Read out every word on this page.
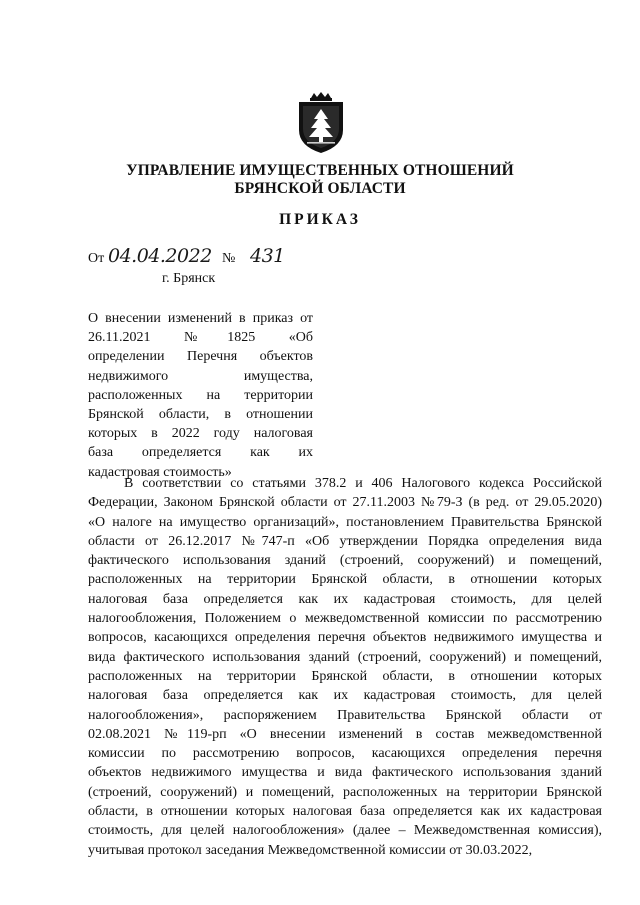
УПРАВЛЕНИЕ ИМУЩЕСТВЕННЫХ ОТНОШЕНИЙ
БРЯНСКОЙ ОБЛАСТИ
ПРИКАЗ
От 04.04.2022 № 431
г. Брянск
О внесении изменений в приказ от
26.11.2021 №1825 «Об
определении Перечня объектов
недвижимого имущества,
расположенных на территории
Брянской области, в отношении
которых в 2022 году налоговая
база определяется как их
кадастровая стоимость»
В соответствии со статьями 378.2 и 406 Налогового кодекса Российской
Федерации, Законом Брянской области от 27.11.2003 №79-З (в ред. от 29.05.2020)
«О налоге на имущество организаций», постановлением Правительства Брянской
области от 26.12.2017 №747-п «Об утверждении Порядка определения вида
фактического использования зданий (строений, сооружений) и помещений,
расположенных на территории Брянской области, в отношении которых
налоговая база определяется как их кадастровая стоимость, для целей
налогообложения, Положением о межведомственной комиссии по рассмотрению
вопросов, касающихся определения перечня объектов недвижимого имущества и
вида фактического использования зданий (строений, сооружений) и помещений,
расположенных на территории Брянской области, в отношении которых
налоговая база определяется как их кадастровая стоимость, для целей
налогообложения», распоряжением Правительства Брянской области от
02.08.2021 №119-рп «О внесении изменений в состав межведомственной
комиссии по рассмотрению вопросов, касающихся определения перечня
объектов недвижимого имущества и вида фактического использования зданий
(строений, сооружений) и помещений, расположенных на территории Брянской
области, в отношении которых налоговая база определяется как их кадастровая
стоимость, для целей налогообложения» (далее – Межведомственная комиссия),
учитывая протокол заседания Межведомственной комиссии от 30.03.2022,
